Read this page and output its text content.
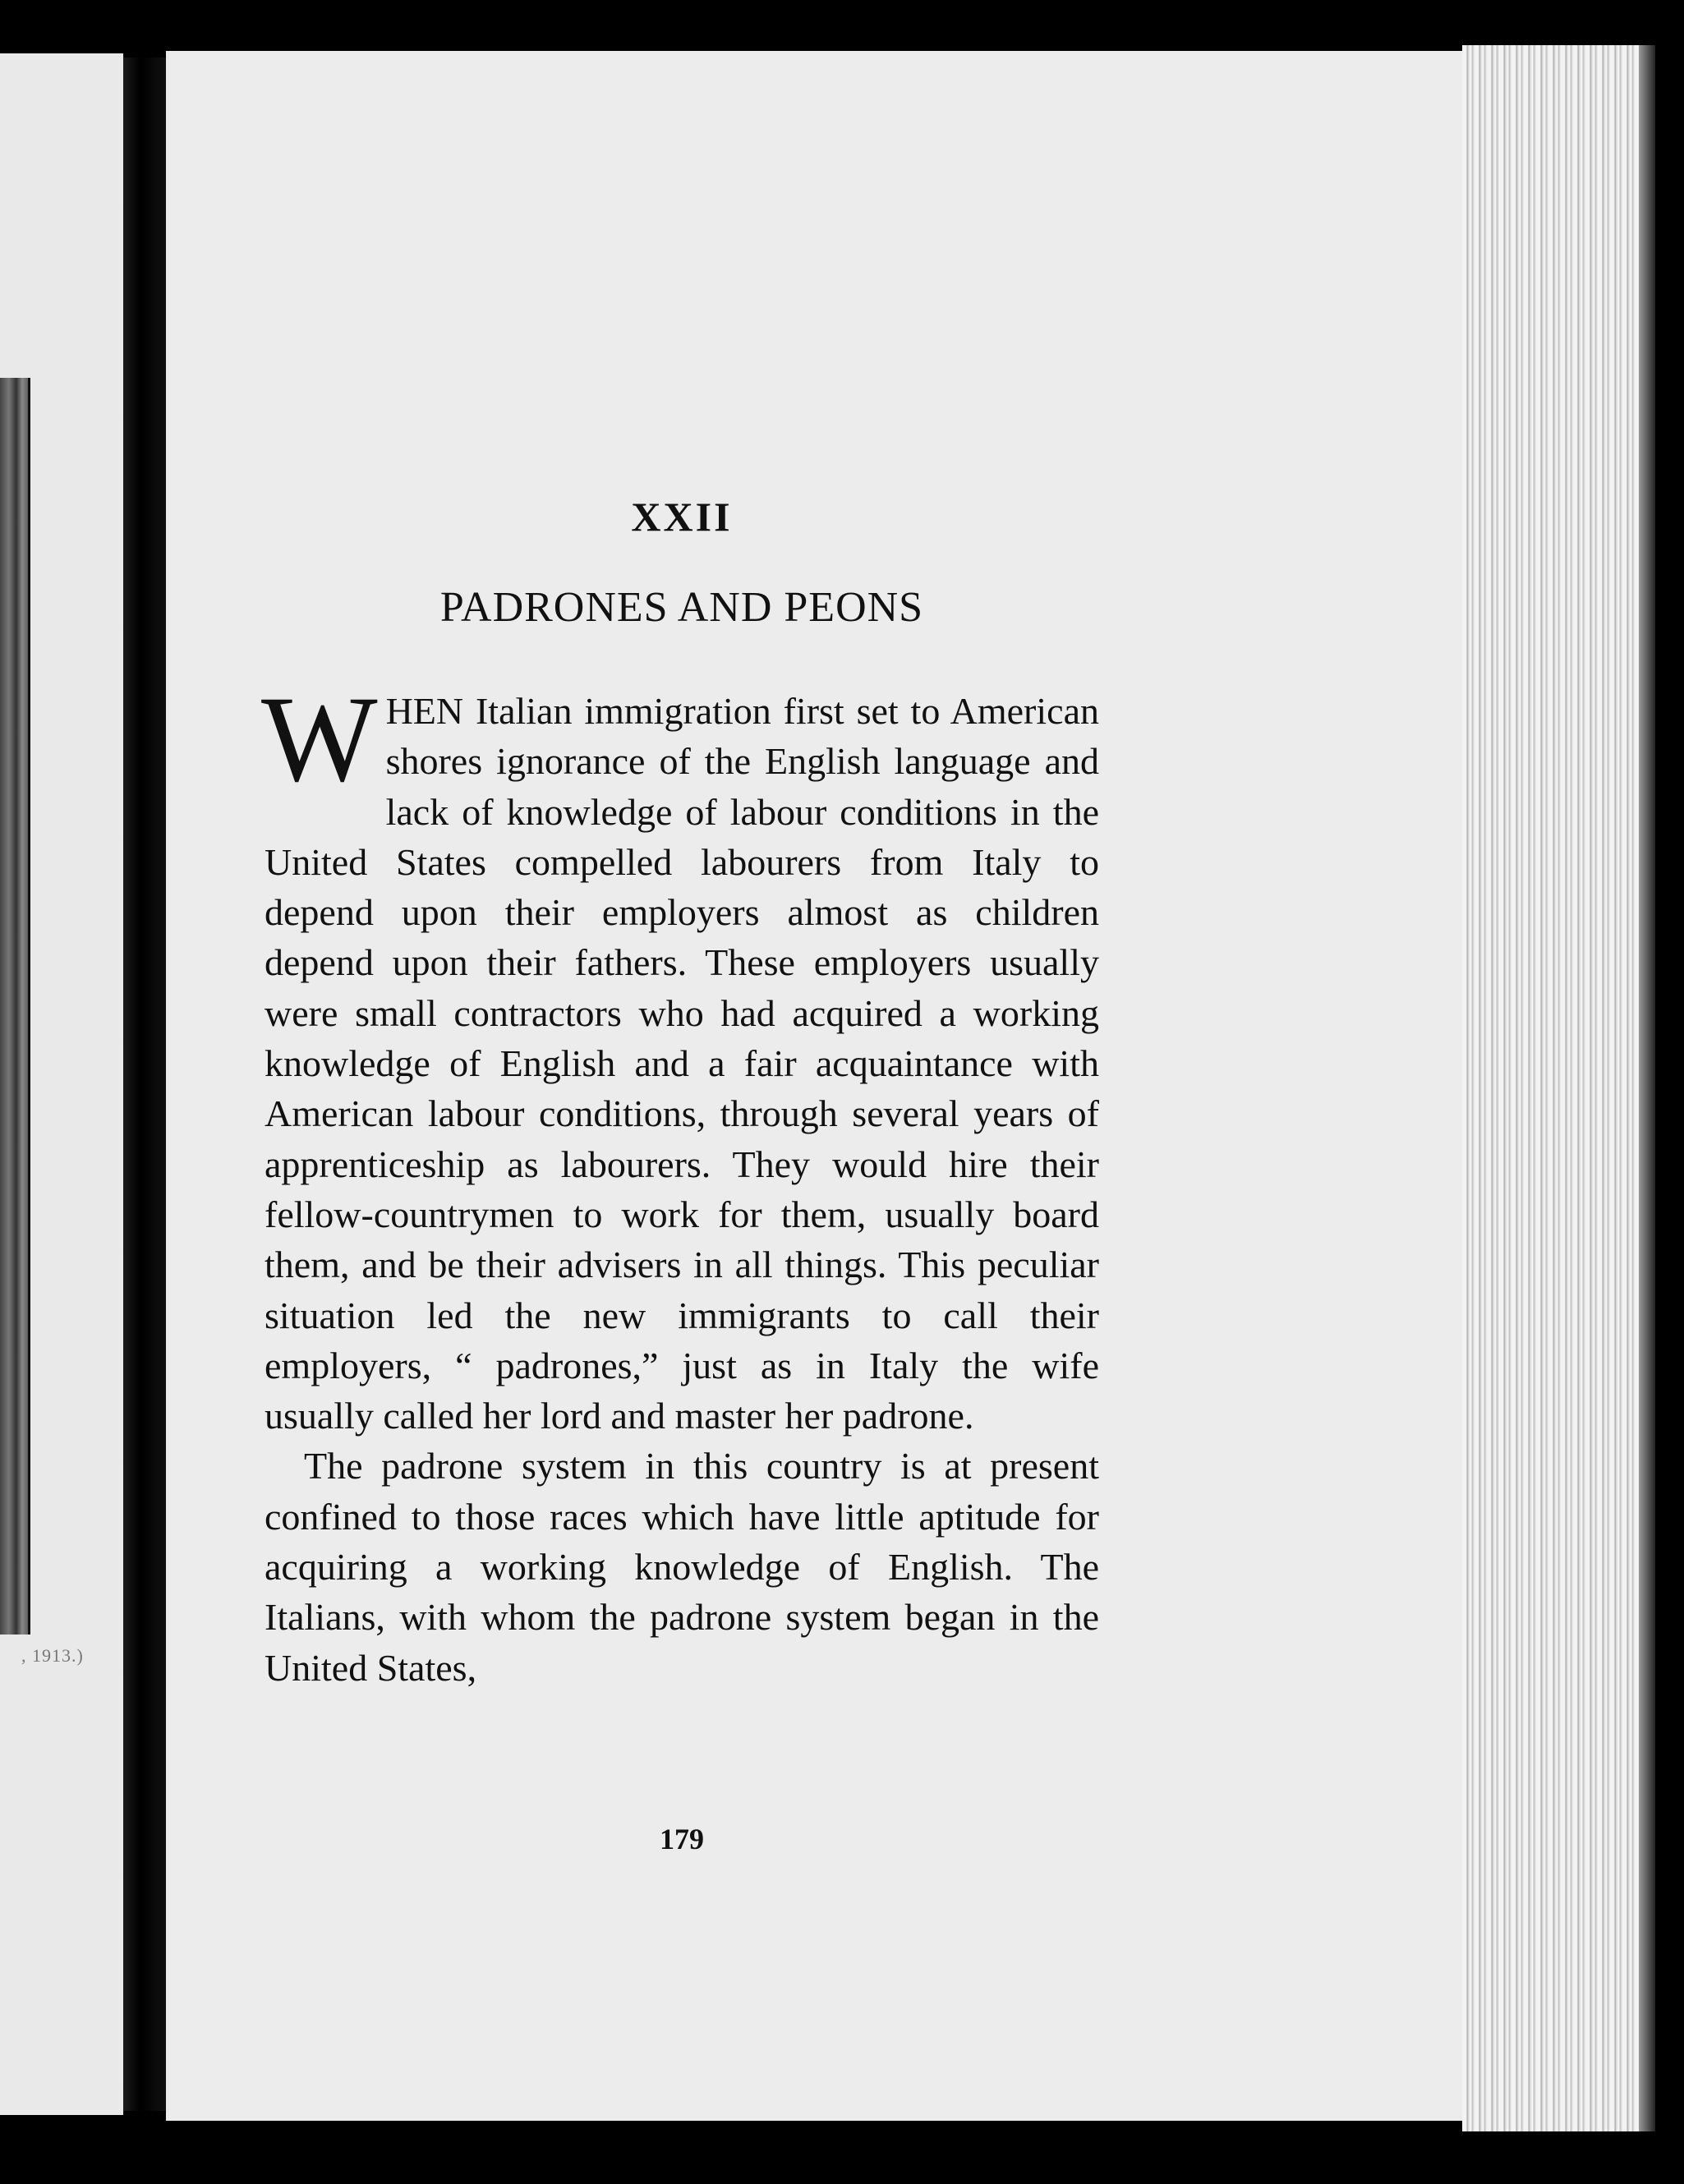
, 1913.)
XXII
PADRONES AND PEONS

WHEN Italian immigration first set to American shores ignorance of the English language and lack of knowledge of labour conditions in the United States compelled labourers from Italy to depend upon their employers almost as children depend upon their fathers. These employers usually were small contractors who had acquired a working knowledge of English and a fair acquaintance with American labour conditions, through several years of apprenticeship as labourers. They would hire their fellow-countrymen to work for them, usually board them, and be their advisers in all things. This peculiar situation led the new immigrants to call their employers, “ padrones,” just as in Italy the wife usually called her lord and master her padrone.

The padrone system in this country is at present confined to those races which have little aptitude for acquiring a working knowledge of English. The Italians, with whom the padrone system began in the United States,

179
